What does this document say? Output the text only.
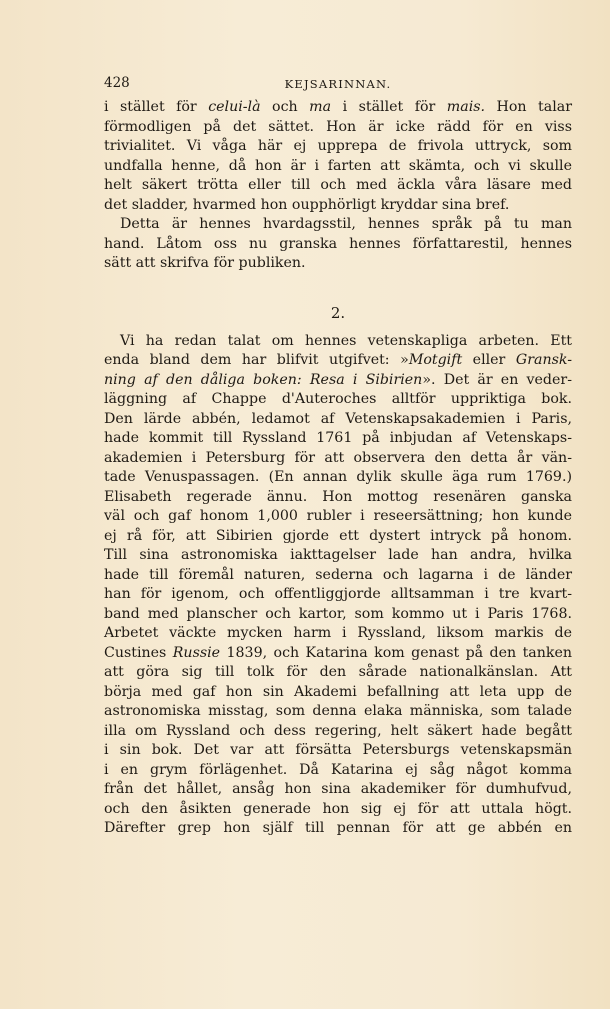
428	KEJSARINNAN.
i stället för celui-là och ma i stället för mais. Hon talar
förmodligen på det sättet. Hon är icke rädd för en viss
trivialitet. Vi våga här ej upprepa de frivola uttryck, som
undfalla henne, då hon är i farten att skämta, och vi skulle
helt säkert trötta eller till och med äckla våra läsare med
det sladder, hvarmed hon oupphörligt kryddar sina bref.
Detta är hennes hvardagsstil, hennes språk på tu man
hand. Låtom oss nu granska hennes författarestil, hennes
sätt att skrifva för publiken.
2.
Vi ha redan talat om hennes vetenskapliga arbeten. Ett
enda bland dem har blifvit utgifvet: »Motgift eller Gransk-
ning af den dåliga boken: Resa i Sibirien». Det är en veder-
läggning af Chappe d'Auteroches alltför uppriktiga bok.
Den lärde abbén, ledamot af Vetenskapsakademien i Paris,
hade kommit till Ryssland 1761 på inbjudan af Vetenskaps-
akademien i Petersburg för att observera den detta år vän-
tade Venuspassagen. (En annan dylik skulle äga rum 1769.)
Elisabeth regerade ännu. Hon mottog resenären ganska
väl och gaf honom 1,000 rubler i reseersättning; hon kunde
ej rå för, att Sibirien gjorde ett dystert intryck på honom.
Till sina astronomiska iakttagelser lade han andra, hvilka
hade till föremål naturen, sederna och lagarna i de länder
han för igenom, och offentliggjorde alltsamman i tre kvart-
band med planscher och kartor, som kommo ut i Paris 1768.
Arbetet väckte mycken harm i Ryssland, liksom markis de
Custines Russie 1839, och Katarina kom genast på den tanken
att göra sig till tolk för den sårade nationalkänslan. Att
börja med gaf hon sin Akademi befallning att leta upp de
astronomiska misstag, som denna elaka människa, som talade
illa om Ryssland och dess regering, helt säkert hade begått
i sin bok. Det var att försätta Petersburgs vetenskapsmän
i en grym förlägenhet. Då Katarina ej såg något komma
från det hållet, ansåg hon sina akademiker för dumhufvud,
och den åsikten generade hon sig ej för att uttala högt.
Därefter grep hon själf till pennan för att ge abbén en
